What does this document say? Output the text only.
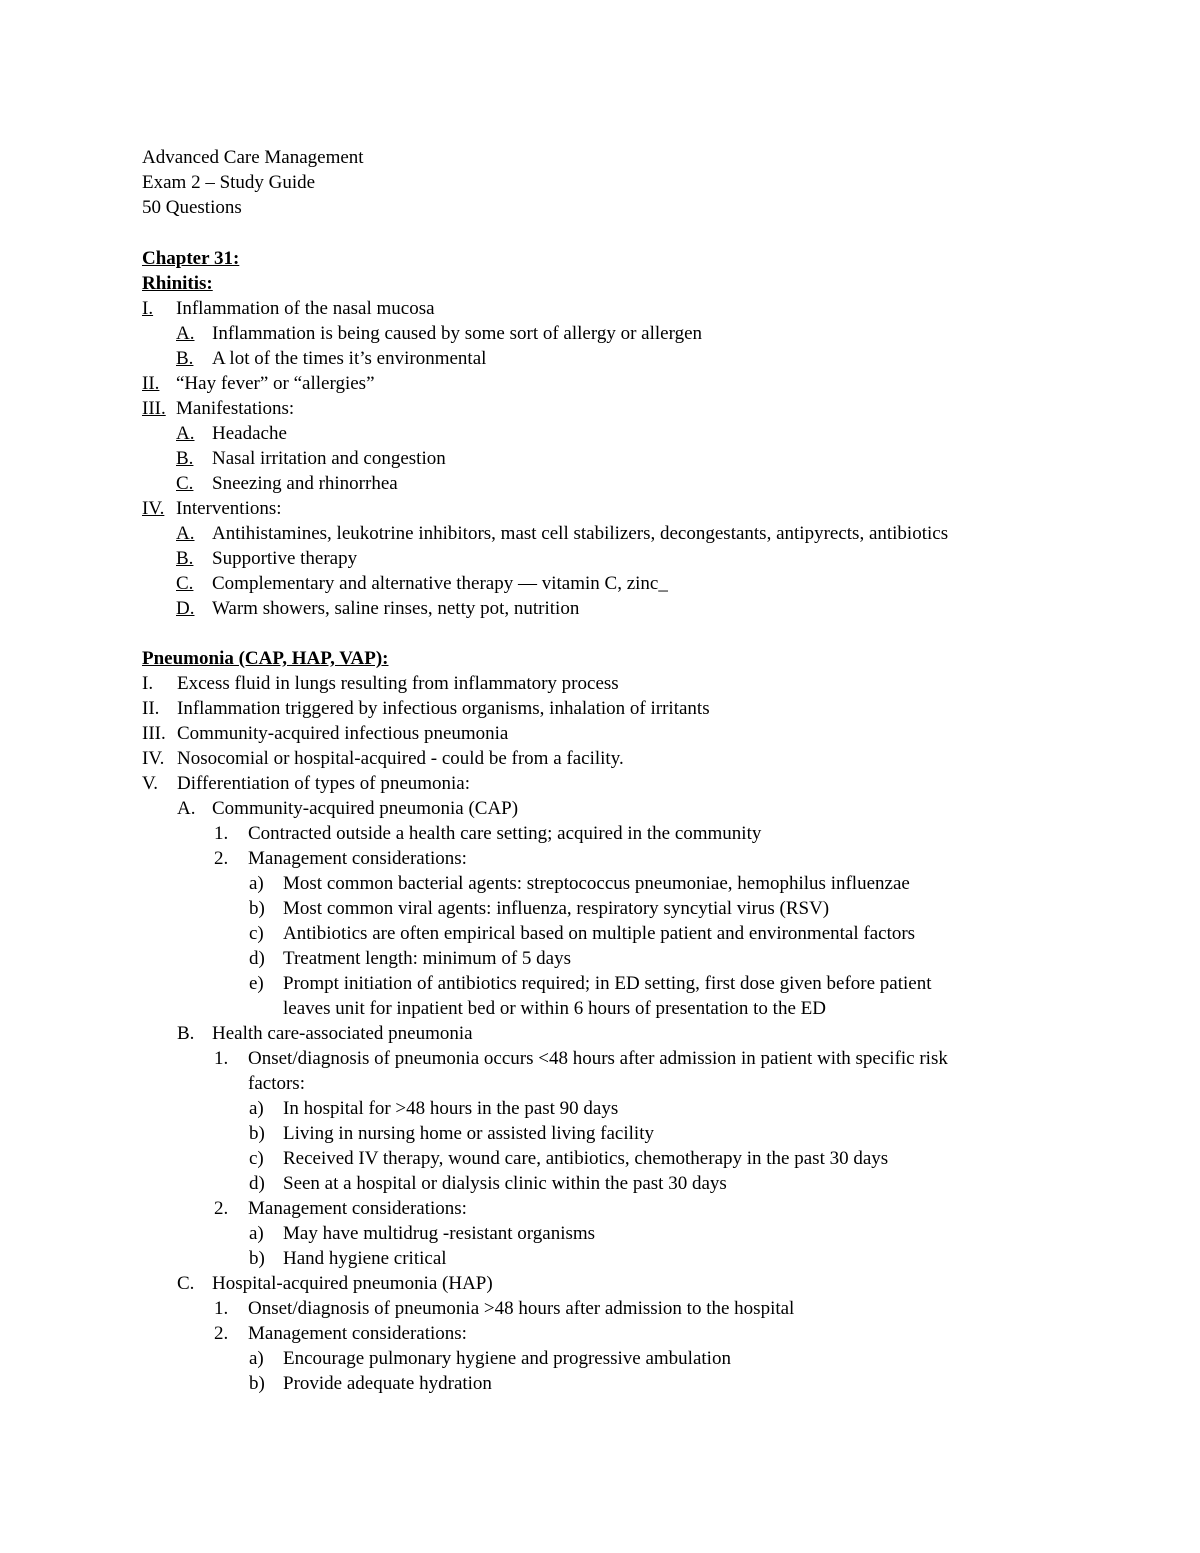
Advanced Care Management
Exam 2 – Study Guide
50 Questions
Chapter 31:
Rhinitis:
I. Inflammation of the nasal mucosa
A. Inflammation is being caused by some sort of allergy or allergen
B. A lot of the times it’s environmental
II. “Hay fever” or “allergies”
III. Manifestations:
A. Headache
B. Nasal irritation and congestion
C. Sneezing and rhinorrhea
IV. Interventions:
A. Antihistamines, leukotrine inhibitors, mast cell stabilizers, decongestants, antipyrects, antibiotics
B. Supportive therapy
C. Complementary and alternative therapy — vitamin C, zinc_
D. Warm showers, saline rinses, netty pot, nutrition
Pneumonia (CAP, HAP, VAP):
I. Excess fluid in lungs resulting from inflammatory process
II. Inflammation triggered by infectious organisms, inhalation of irritants
III. Community-acquired infectious pneumonia
IV. Nosocomial or hospital-acquired - could be from a facility.
V. Differentiation of types of pneumonia:
A. Community-acquired pneumonia (CAP)
1. Contracted outside a health care setting; acquired in the community
2. Management considerations:
a) Most common bacterial agents: streptococcus pneumoniae, hemophilus influenzae
b) Most common viral agents: influenza, respiratory syncytial virus (RSV)
c) Antibiotics are often empirical based on multiple patient and environmental factors
d) Treatment length: minimum of 5 days
e) Prompt initiation of antibiotics required; in ED setting, first dose given before patient
leaves unit for inpatient bed or within 6 hours of presentation to the ED
B. Health care-associated pneumonia
1. Onset/diagnosis of pneumonia occurs <48 hours after admission in patient with specific risk
factors:
a) In hospital for >48 hours in the past 90 days
b) Living in nursing home or assisted living facility
c) Received IV therapy, wound care, antibiotics, chemotherapy in the past 30 days
d) Seen at a hospital or dialysis clinic within the past 30 days
2. Management considerations:
a) May have multidrug -resistant organisms
b) Hand hygiene critical
C. Hospital-acquired pneumonia (HAP)
1. Onset/diagnosis of pneumonia >48 hours after admission to the hospital
2. Management considerations:
a) Encourage pulmonary hygiene and progressive ambulation
b) Provide adequate hydration
